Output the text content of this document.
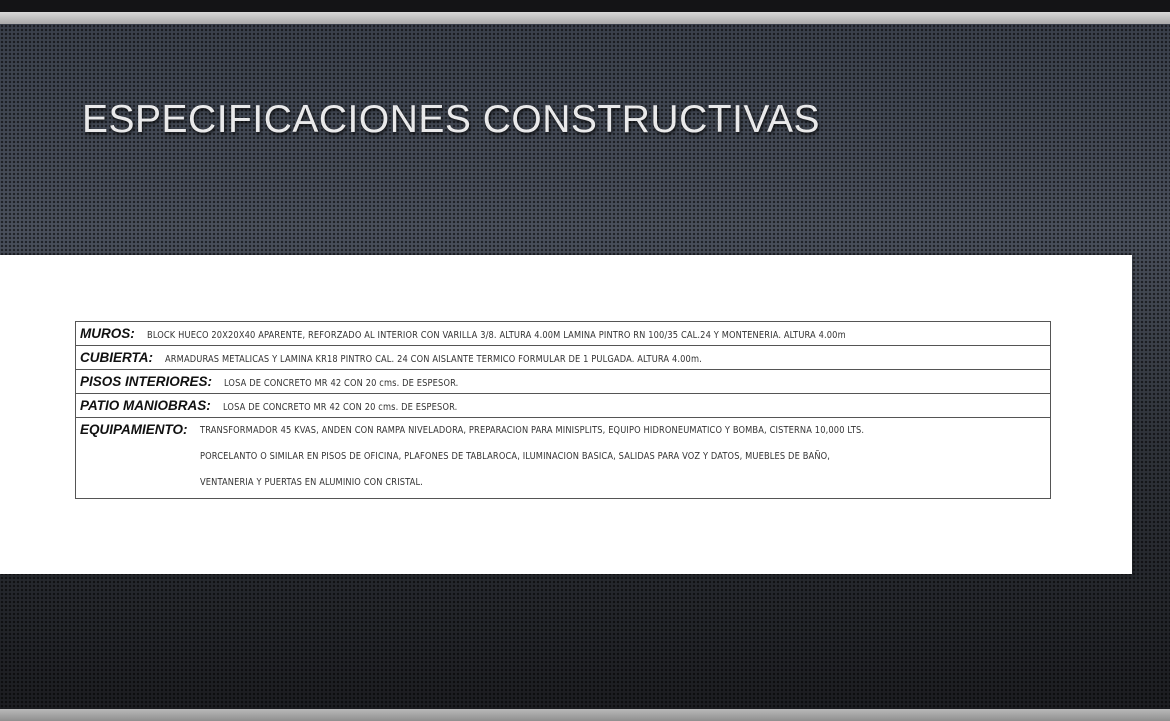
ESPECIFICACIONES CONSTRUCTIVAS
MUROS: BLOCK HUECO 20X20X40 APARENTE, REFORZADO AL INTERIOR CON VARILLA 3/8. ALTURA 4.00M LAMINA PINTRO RN 100/35 CAL.24 Y MONTENERIA. ALTURA 4.00m
CUBIERTA: ARMADURAS METALICAS Y LAMINA KR18 PINTRO CAL. 24 CON AISLANTE TERMICO FORMULAR DE 1 PULGADA. ALTURA 4.00m.
PISOS INTERIORES: LOSA DE CONCRETO MR 42 CON 20 cms. DE ESPESOR.
PATIO MANIOBRAS: LOSA DE CONCRETO MR 42 CON 20 cms. DE ESPESOR.
EQUIPAMIENTO: TRANSFORMADOR 45 KVAS, ANDEN CON RAMPA NIVELADORA, PREPARACION PARA MINISPLITS, EQUIPO HIDRONEUMATICO Y BOMBA, CISTERNA 10,000 LTS.
PORCELANTO O SIMILAR EN PISOS DE OFICINA, PLAFONES DE TABLAROCA, ILUMINACION BASICA, SALIDAS PARA VOZ Y DATOS, MUEBLES DE BAÑO,
VENTANERIA Y PUERTAS EN ALUMINIO CON CRISTAL.
